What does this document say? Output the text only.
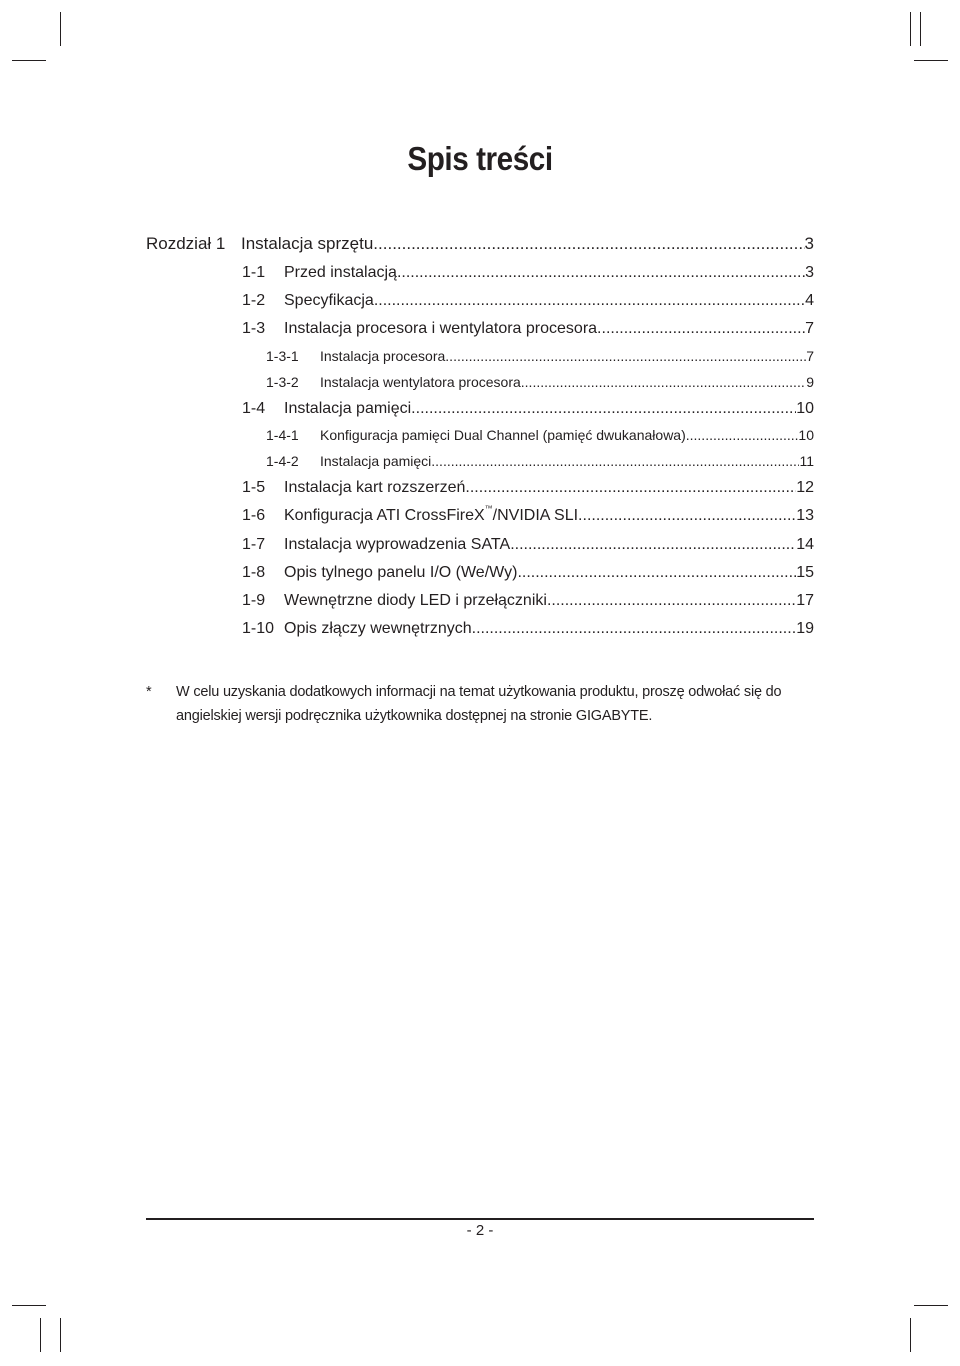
Spis treści
Rozdział 1 Instalacja sprzętu .....	3
1-1	Przed instalacją .....	3
1-2	Specyfikacja .....	4
1-3	Instalacja procesora i wentylatora procesora .....	7
1-3-1	Instalacja procesora .....	7
1-3-2	Instalacja wentylatora procesora .....	9
1-4	Instalacja pamięci .....	10
1-4-1	Konfiguracja pamięci Dual Channel (pamięć dwukanałowa) .....	10
1-4-2	Instalacja pamięci .....	11
1-5	Instalacja kart rozszerzeń .....	12
1-6	Konfiguracja ATI CrossFireX™/NVIDIA SLI .....	13
1-7	Instalacja wyprowadzenia SATA .....	14
1-8	Opis tylnego panelu I/O (We/Wy) .....	15
1-9	Wewnętrzne diody LED i przełączniki .....	17
1-10 Opis złączy wewnętrznych .....	19
* W celu uzyskania dodatkowych informacji na temat użytkowania produktu, proszę odwołać się do angielskiej wersji podręcznika użytkownika dostępnej na stronie GIGABYTE.
- 2 -
